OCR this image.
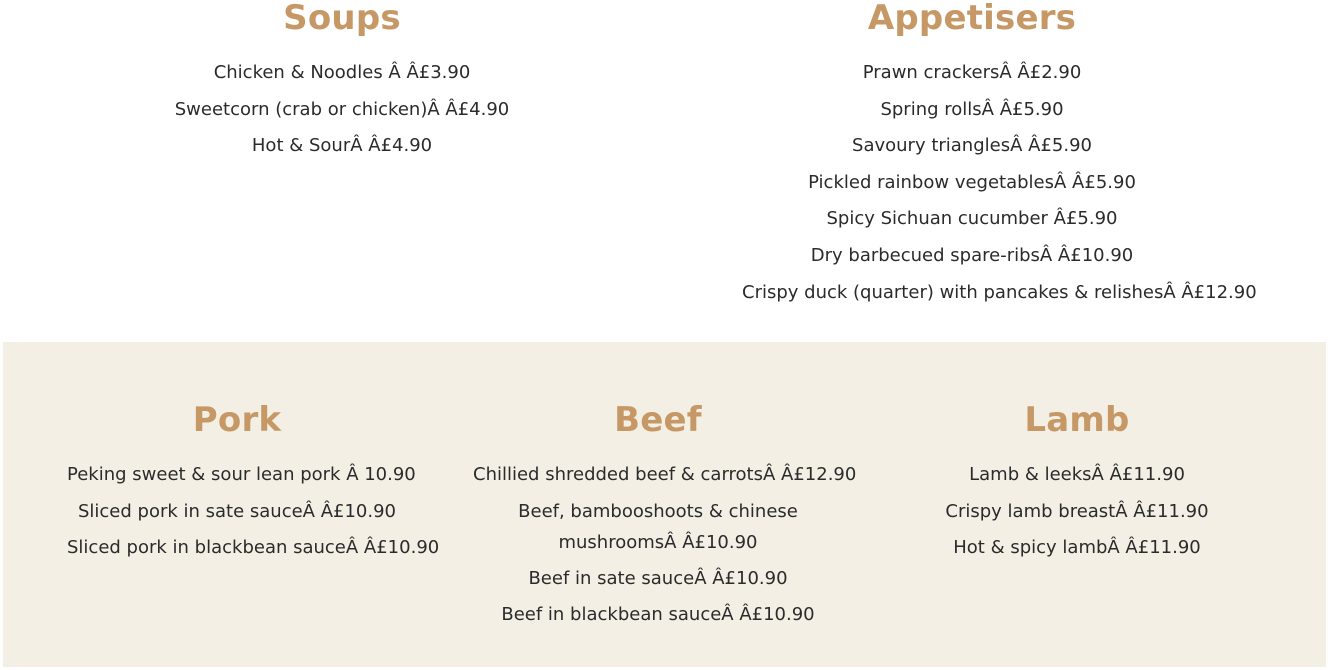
Soups

Chicken & Noodles Â Â£3.90

Sweetcorn (crab or chicken)Â Â£4.90

Hot & SourÂ Â£4.90

Appetisers

Prawn crackersÂ Â£2.90

Spring rollsÂ Â£5.90

Savoury trianglesÂ Â£5.90

Pickled rainbow vegetablesÂ Â£5.90

Spicy Sichuan cucumber Â£5.90

Dry barbecued spare-ribsÂ Â£10.90

Crispy duck (quarter) with pancakes & relishesÂ Â£12.90

Pork

Peking sweet & sour lean pork Â 10.90

Sliced pork in sate sauceÂ Â£10.90

Sliced pork in blackbean sauceÂ Â£10.90

Beef

Chillied shredded beef & carrotsÂ Â£12.90

Beef, bambooshoots & chinese mushroomsÂ Â£10.90

Beef in sate sauceÂ Â£10.90

Beef in blackbean sauceÂ Â£10.90

Lamb

Lamb & leeksÂ Â£11.90

Crispy lamb breastÂ Â£11.90

Hot & spicy lambÂ Â£11.90
